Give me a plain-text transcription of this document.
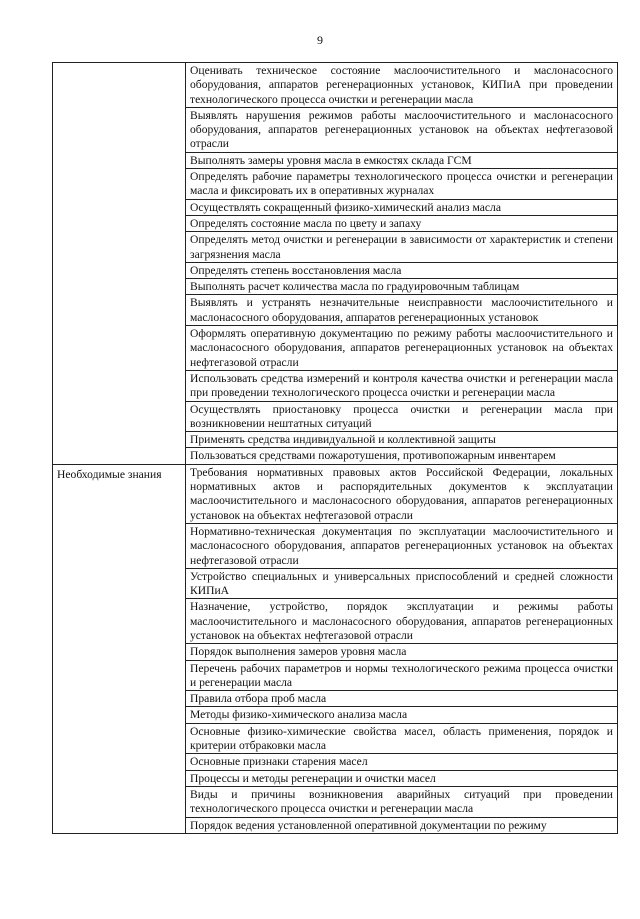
9
	Оценивать техническое состояние маслоочистительного и маслонасосного оборудования, аппаратов регенерационных установок, КИПиА при проведении технологического процесса очистки и регенерации масла
	Выявлять нарушения режимов работы маслоочистительного и маслонасосного оборудования, аппаратов регенерационных установок на объектах нефтегазовой отрасли
	Выполнять замеры уровня масла в емкостях склада ГСМ
	Определять рабочие параметры технологического процесса очистки и регенерации масла и фиксировать их в оперативных журналах
	Осуществлять сокращенный физико-химический анализ масла
	Определять состояние масла по цвету и запаху
	Определять метод очистки и регенерации в зависимости от характеристик и степени загрязнения масла
	Определять степень восстановления масла
	Выполнять расчет количества масла по градуировочным таблицам
	Выявлять и устранять незначительные неисправности маслоочистительного и маслонасосного оборудования, аппаратов регенерационных установок
	Оформлять оперативную документацию по режиму работы маслоочистительного и маслонасосного оборудования, аппаратов регенерационных установок на объектах нефтегазовой отрасли
	Использовать средства измерений и контроля качества очистки и регенерации масла при проведении технологического процесса очистки и регенерации масла
	Осуществлять приостановку процесса очистки и регенерации масла при возникновении нештатных ситуаций
	Применять средства индивидуальной и коллективной защиты
	Пользоваться средствами пожаротушения, противопожарным инвентарем
Необходимые знания	Требования нормативных правовых актов Российской Федерации, локальных нормативных актов и распорядительных документов к эксплуатации маслоочистительного и маслонасосного оборудования, аппаратов регенерационных установок на объектах нефтегазовой отрасли
	Нормативно-техническая документация по эксплуатации маслоочистительного и маслонасосного оборудования, аппаратов регенерационных установок на объектах нефтегазовой отрасли
	Устройство специальных и универсальных приспособлений и средней сложности КИПиА
	Назначение, устройство, порядок эксплуатации и режимы работы маслоочистительного и маслонасосного оборудования, аппаратов регенерационных установок на объектах нефтегазовой отрасли
	Порядок выполнения замеров уровня масла
	Перечень рабочих параметров и нормы технологического режима процесса очистки и регенерации масла
	Правила отбора проб масла
	Методы физико-химического анализа масла
	Основные физико-химические свойства масел, область применения, порядок и критерии отбраковки масла
	Основные признаки старения масел
	Процессы и методы регенерации и очистки масел
	Виды и причины возникновения аварийных ситуаций при проведении технологического процесса очистки и регенерации масла
	Порядок ведения установленной оперативной документации по режиму
